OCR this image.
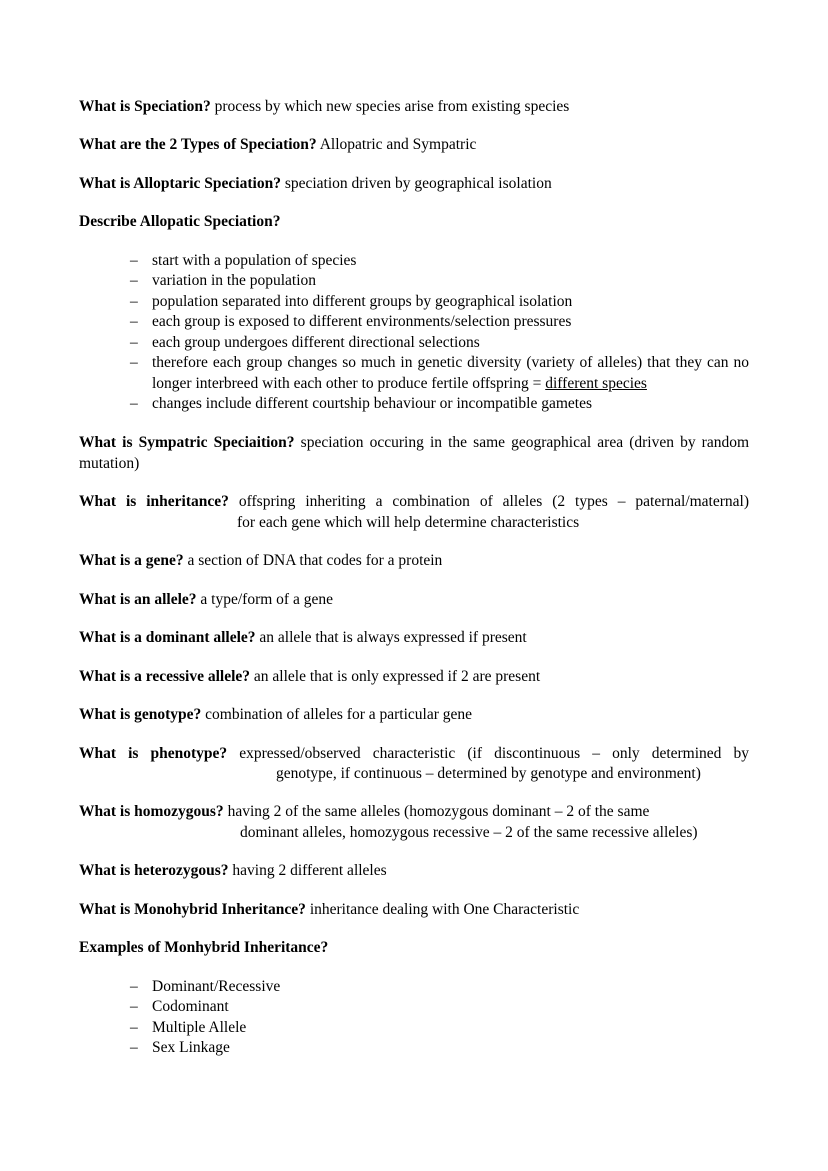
What is Speciation? process by which new species arise from existing species

What are the 2 Types of Speciation? Allopatric and Sympatric

What is Alloptaric Speciation? speciation driven by geographical isolation

Describe Allopatic Speciation?

– start with a population of species
– variation in the population
– population separated into different groups by geographical isolation
– each group is exposed to different environments/selection pressures
– each group undergoes different directional selections
– therefore each group changes so much in genetic diversity (variety of alleles) that they can no longer interbreed with each other to produce fertile offspring = different species
– changes include different courtship behaviour or incompatible gametes

What is Sympatric Speciaition? speciation occuring in the same geographical area (driven by random mutation)

What is inheritance? offspring inheriting a combination of alleles (2 types – paternal/maternal)

for each gene which will help determine characteristics

What is a gene? a section of DNA that codes for a protein

What is an allele? a type/form of a gene

What is a dominant allele? an allele that is always expressed if present

What is a recessive allele? an allele that is only expressed if 2 are present

What is genotype? combination of alleles for a particular gene

What is phenotype? expressed/observed characteristic (if discontinuous – only determined by

genotype, if continuous – determined by genotype and environment)

What is homozygous? having 2 of the same alleles (homozygous dominant – 2 of the same

dominant alleles, homozygous recessive – 2 of the same recessive alleles)

What is heterozygous? having 2 different alleles

What is Monohybrid Inheritance? inheritance dealing with One Characteristic

Examples of Monhybrid Inheritance?

– Dominant/Recessive
– Codominant
– Multiple Allele
– Sex Linkage
